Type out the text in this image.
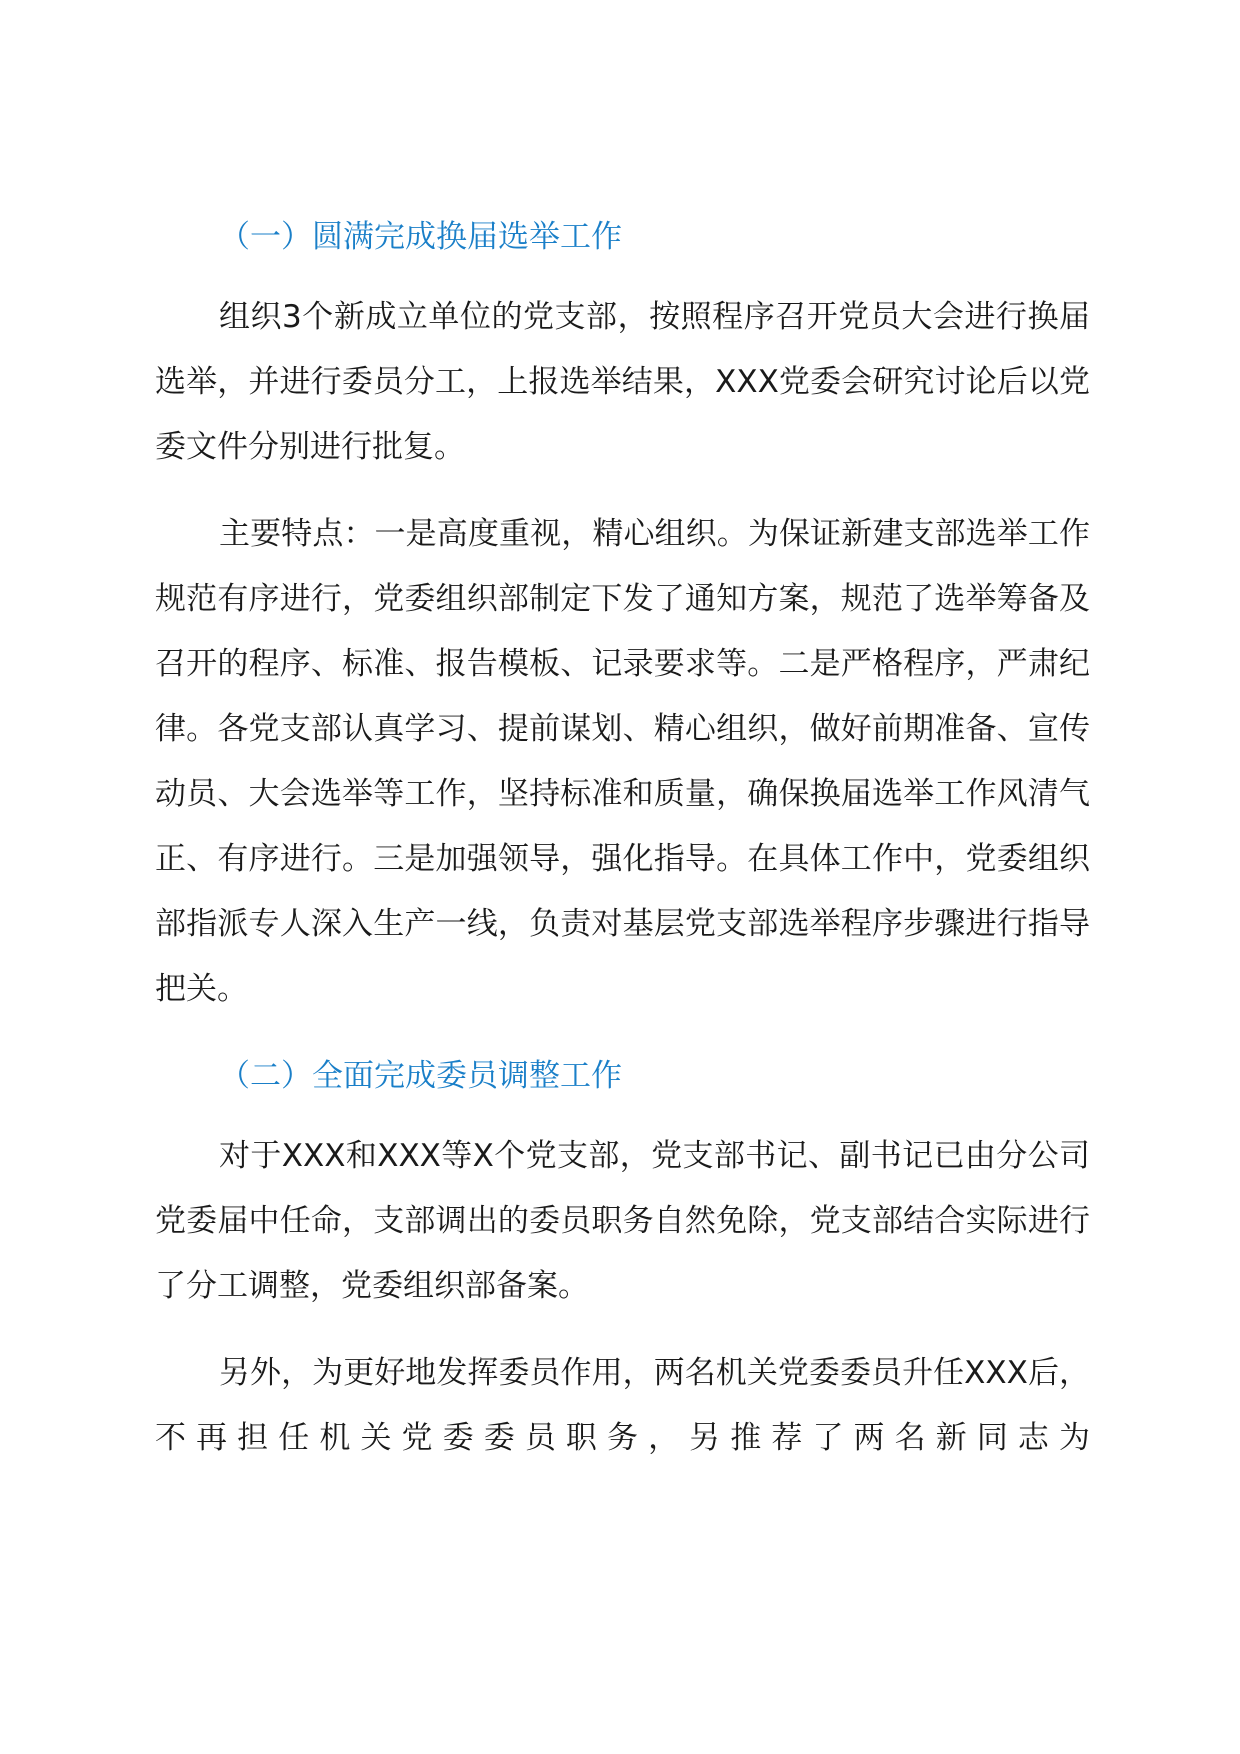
（一）圆满完成换届选举工作

组织3个新成立单位的党支部，按照程序召开党员大会进行换届选举，并进行委员分工，上报选举结果，XXX党委会研究讨论后以党委文件分别进行批复。

主要特点：一是高度重视，精心组织。为保证新建支部选举工作规范有序进行，党委组织部制定下发了通知方案，规范了选举筹备及召开的程序、标准、报告模板、记录要求等。二是严格程序，严肃纪律。各党支部认真学习、提前谋划、精心组织，做好前期准备、宣传动员、大会选举等工作，坚持标准和质量，确保换届选举工作风清气正、有序进行。三是加强领导，强化指导。在具体工作中，党委组织部指派专人深入生产一线，负责对基层党支部选举程序步骤进行指导把关。

（二）全面完成委员调整工作

对于XXX和XXX等X个党支部，党支部书记、副书记已由分公司党委届中任命，支部调出的委员职务自然免除，党支部结合实际进行了分工调整，党委组织部备案。

另外，为更好地发挥委员作用，两名机关党委委员升任XXX后，不再担任机关党委委员职务，另推荐了两名新同志为
